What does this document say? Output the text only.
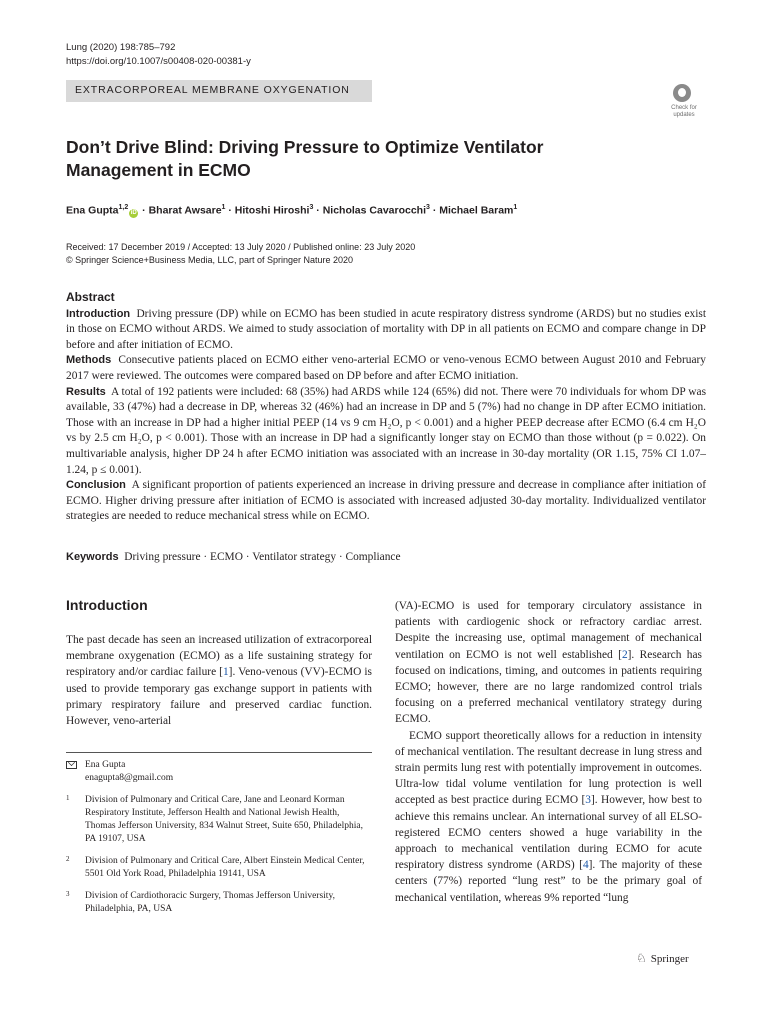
Lung (2020) 198:785–792
https://doi.org/10.1007/s00408-020-00381-y
EXTRACORPOREAL MEMBRANE OXYGENATION
Check for
updates
Don’t Drive Blind: Driving Pressure to Optimize Ventilator Management in ECMO
Ena Gupta$^{1,2}$iD · Bharat Awsare$^1$ · Hitoshi Hiroshi$^3$ · Nicholas Cavarocchi$^3$ · Michael Baram$^1$
Received: 17 December 2019 / Accepted: 13 July 2020 / Published online: 23 July 2020
© Springer Science+Business Media, LLC, part of Springer Nature 2020
Abstract

Introduction Driving pressure (DP) while on ECMO has been studied in acute respiratory distress syndrome (ARDS) but no studies exist in those on ECMO without ARDS. We aimed to study association of mortality with DP in all patients on ECMO and compare change in DP before and after initiation of ECMO.

Methods Consecutive patients placed on ECMO either veno-arterial ECMO or veno-venous ECMO between August 2010 and February 2017 were reviewed. The outcomes were compared based on DP before and after ECMO initiation.

Results A total of 192 patients were included: 68 (35%) had ARDS while 124 (65%) did not. There were 70 individuals for whom DP was available, 33 (47%) had a decrease in DP, whereas 32 (46%) had an increase in DP and 5 (7%) had no change in DP after ECMO initiation. Those with an increase in DP had a higher initial PEEP (14 vs 9 cm H₂O, p < 0.001) and a higher PEEP decrease after ECMO (6.4 cm H₂O vs by 2.5 cm H₂O, p < 0.001). Those with an increase in DP had a significantly longer stay on ECMO than those without (p = 0.022). On multivariable analysis, higher DP 24 h after ECMO initiation was associated with an increase in 30-day mortality (OR 1.15, 75% CI 1.07–1.24, p ≤ 0.001).

Conclusion A significant proportion of patients experienced an increase in driving pressure and decrease in compliance after initiation of ECMO. Higher driving pressure after initiation of ECMO is associated with increased adjusted 30-day mortality. Individualized ventilator strategies are needed to reduce mechanical stress while on ECMO.

Keywords Driving pressure · ECMO · Ventilator strategy · Compliance
Introduction

The past decade has seen an increased utilization of extracorporeal membrane oxygenation (ECMO) as a life sustaining strategy for respiratory and/or cardiac failure [1]. Veno-venous (VV)-ECMO is used to provide temporary gas exchange support in patients with primary respiratory failure and preserved cardiac function. However, veno-arterial

Ena Gupta
enagupta8@gmail.com
1 Division of Pulmonary and Critical Care, Jane and Leonard Korman Respiratory Institute, Jefferson Health and National Jewish Health, Thomas Jefferson University, 834 Walnut Street, Suite 650, Philadelphia, PA 19107, USA
2 Division of Pulmonary and Critical Care, Albert Einstein Medical Center, 5501 Old York Road, Philadelphia 19141, USA
3 Division of Cardiothoracic Surgery, Thomas Jefferson University, Philadelphia, PA, USA

(VA)-ECMO is used for temporary circulatory assistance in patients with cardiogenic shock or refractory cardiac arrest. Despite the increasing use, optimal management of mechanical ventilation on ECMO is not well established [2]. Research has focused on indications, timing, and outcomes in patients requiring ECMO; however, there are no large randomized control trials focusing on a preferred mechanical ventilatory strategy during ECMO.

ECMO support theoretically allows for a reduction in intensity of mechanical ventilation. The resultant decrease in lung stress and strain permits lung rest with potentially improvement in outcomes. Ultra-low tidal volume ventilation for lung protection is well accepted as best practice during ECMO [3]. However, how best to achieve this remains unclear. An international survey of all ELSO-registered ECMO centers showed a huge variability in the approach to mechanical ventilation during ECMO for acute respiratory distress syndrome (ARDS) [4]. The majority of these centers (77%) reported “lung rest” to be the primary goal of mechanical ventilation, whereas 9% reported “lung

♘ Springer
